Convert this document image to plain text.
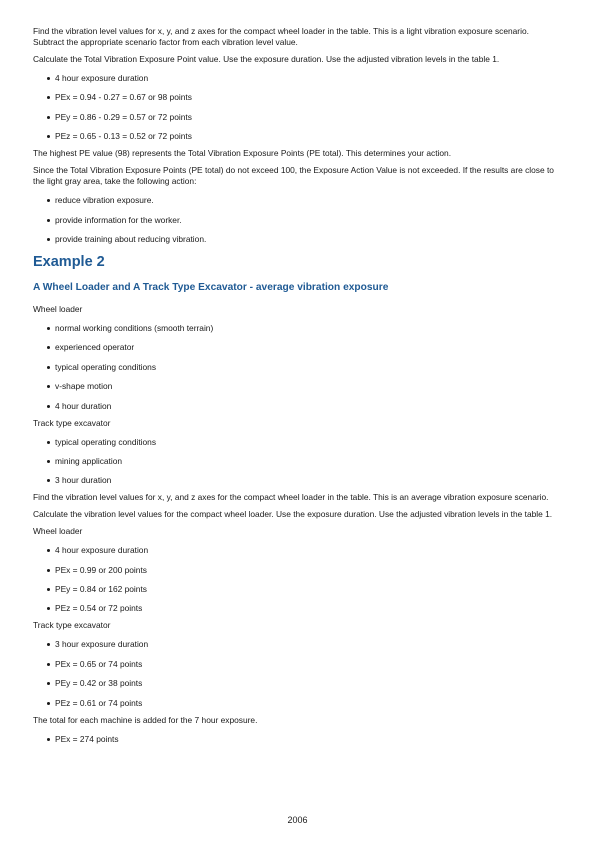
Find the vibration level values for x, y, and z axes for the compact wheel loader in the table. This is a light vibration exposure scenario. Subtract the appropriate scenario factor from each vibration level value.

Calculate the Total Vibration Exposure Point value. Use the exposure duration. Use the adjusted vibration levels in the table 1.

4 hour exposure duration
PEx = 0.94 - 0.27 = 0.67 or 98 points
PEy = 0.86 - 0.29 = 0.57 or 72 points
PEz = 0.65 - 0.13 = 0.52 or 72 points

The highest PE value (98) represents the Total Vibration Exposure Points (PE total). This determines your action.

Since the Total Vibration Exposure Points (PE total) do not exceed 100, the Exposure Action Value is not exceeded. If the results are close to the light gray area, take the following action:

reduce vibration exposure.
provide information for the worker.
provide training about reducing vibration.
Example 2
A Wheel Loader and A Track Type Excavator - average vibration exposure

Wheel loader

normal working conditions (smooth terrain)
experienced operator
typical operating conditions
v-shape motion
4 hour duration

Track type excavator

typical operating conditions
mining application
3 hour duration

Find the vibration level values for x, y, and z axes for the compact wheel loader in the table. This is an average vibration exposure scenario.

Calculate the vibration level values for the compact wheel loader. Use the exposure duration. Use the adjusted vibration levels in the table 1.

Wheel loader

4 hour exposure duration
PEx = 0.99 or 200 points
PEy = 0.84 or 162 points
PEz = 0.54 or 72 points

Track type excavator

3 hour exposure duration
PEx = 0.65 or 74 points
PEy = 0.42 or 38 points
PEz = 0.61 or 74 points

The total for each machine is added for the 7 hour exposure.

PEx = 274 points
2006
